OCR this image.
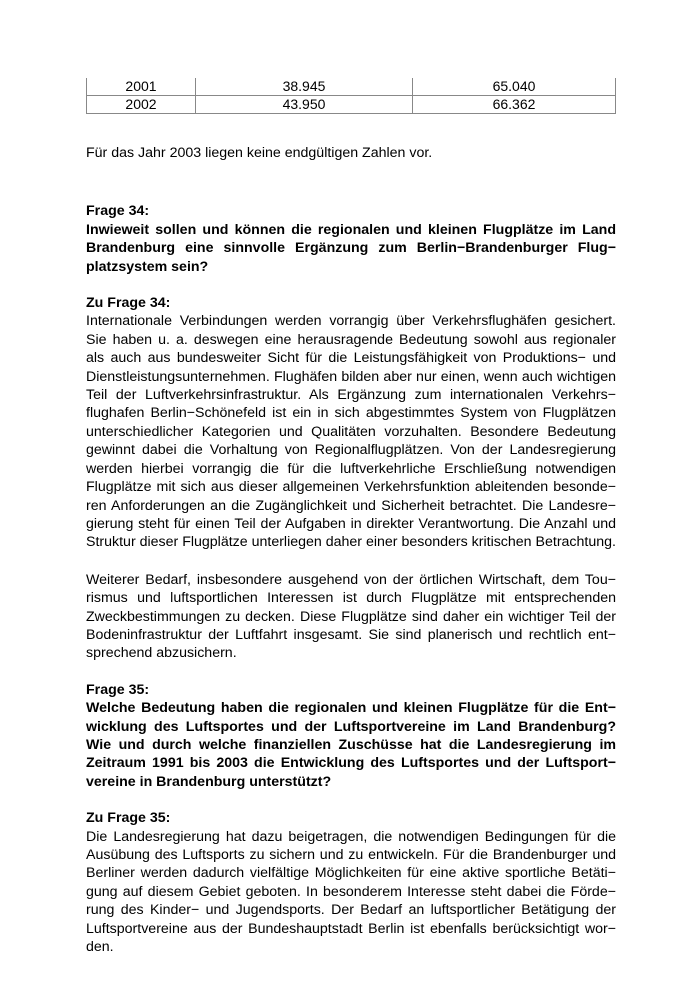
2001	38.945	65.040
2002	43.950	66.362

Für das Jahr 2003 liegen keine endgültigen Zahlen vor.

Frage 34:

Inwieweit sollen und können die regionalen und kleinen Flugplätze im Land Brandenburg eine sinnvolle Ergänzung zum Berlin−Brandenburger Flug− platzsystem sein?

Zu Frage 34:

Internationale Verbindungen werden vorrangig über Verkehrsflughäfen gesichert. Sie haben u. a. deswegen eine herausragende Bedeutung sowohl aus regionaler als auch aus bundesweiter Sicht für die Leistungsfähigkeit von Produktions− und Dienstleistungsunternehmen. Flughäfen bilden aber nur einen, wenn auch wichtigen Teil der Luftverkehrsinfrastruktur. Als Ergänzung zum internationalen Verkehrs− flughafen Berlin−Schönefeld ist ein in sich abgestimmtes System von Flugplätzen unterschiedlicher Kategorien und Qualitäten vorzuhalten. Besondere Bedeutung gewinnt dabei die Vorhaltung von Regionalflugplätzen. Von der Landesregierung werden hierbei vorrangig die für die luftverkehrliche Erschließung notwendigen Flugplätze mit sich aus dieser allgemeinen Verkehrsfunktion ableitenden besonde− ren Anforderungen an die Zugänglichkeit und Sicherheit betrachtet. Die Landesre− gierung steht für einen Teil der Aufgaben in direkter Verantwortung. Die Anzahl und Struktur dieser Flugplätze unterliegen daher einer besonders kritischen Betrachtung.

Weiterer Bedarf, insbesondere ausgehend von der örtlichen Wirtschaft, dem Tou− rismus und luftsportlichen Interessen ist durch Flugplätze mit entsprechenden Zweckbestimmungen zu decken. Diese Flugplätze sind daher ein wichtiger Teil der Bodeninfrastruktur der Luftfahrt insgesamt. Sie sind planerisch und rechtlich ent− sprechend abzusichern.

Frage 35:

Welche Bedeutung haben die regionalen und kleinen Flugplätze für die Ent− wicklung des Luftsportes und der Luftsportvereine im Land Brandenburg? Wie und durch welche finanziellen Zuschüsse hat die Landesregierung im Zeitraum 1991 bis 2003 die Entwicklung des Luftsportes und der Luftsport− vereine in Brandenburg unterstützt?

Zu Frage 35:

Die Landesregierung hat dazu beigetragen, die notwendigen Bedingungen für die Ausübung des Luftsports zu sichern und zu entwickeln. Für die Brandenburger und Berliner werden dadurch vielfältige Möglichkeiten für eine aktive sportliche Betäti− gung auf diesem Gebiet geboten. In besonderem Interesse steht dabei die Förde− rung des Kinder− und Jugendsports. Der Bedarf an luftsportlicher Betätigung der Luftsportvereine aus der Bundeshauptstadt Berlin ist ebenfalls berücksichtigt wor− den.
